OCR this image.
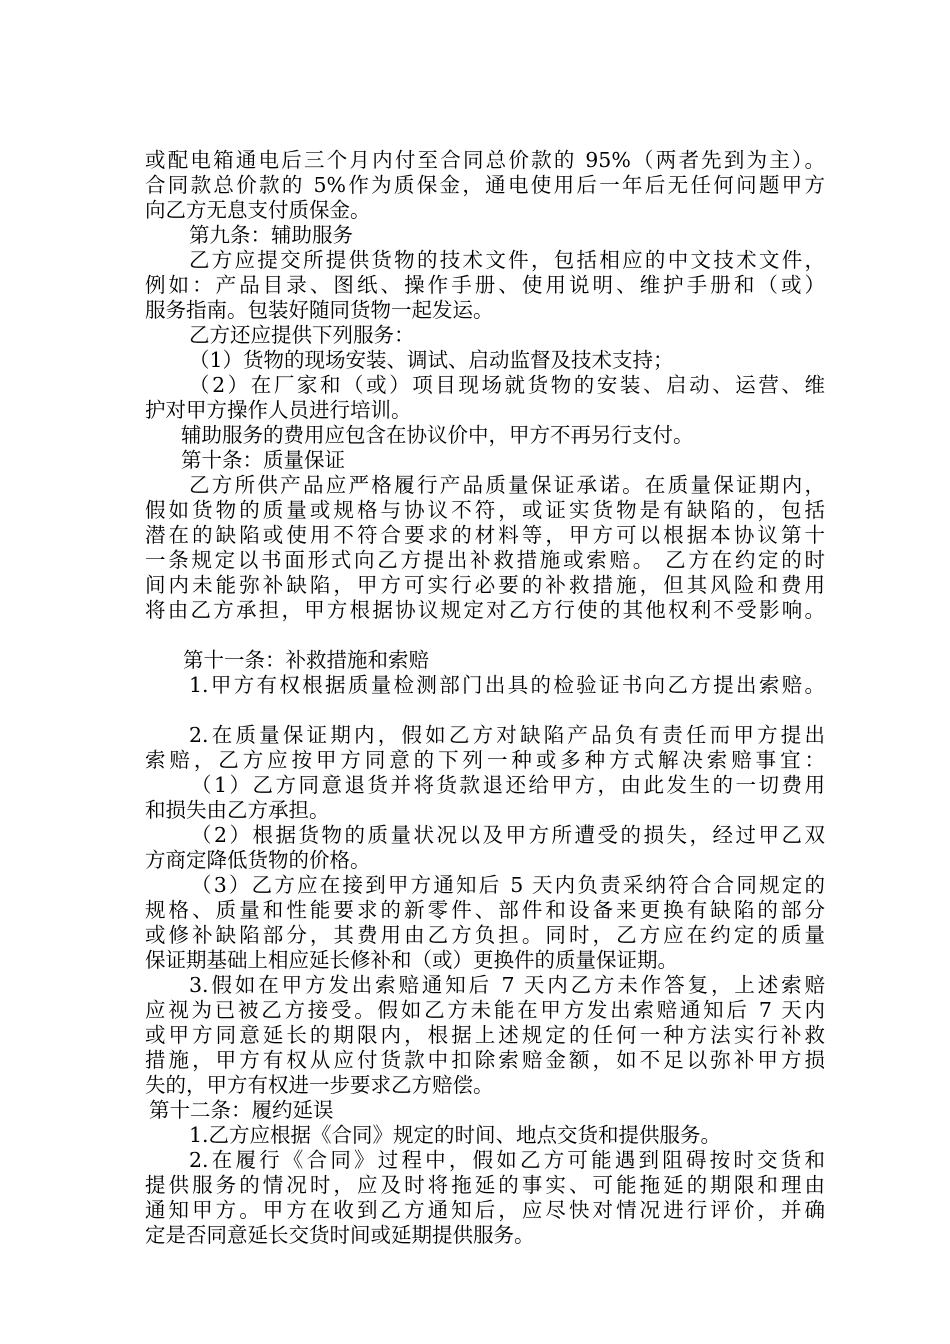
或配电箱通电后三个月内付至合同总价款的 95%（两者先到为主）。
合同款总价款的 5%作为质保金，通电使用后一年后无任何问题甲方
向乙方无息支付质保金。
第九条：辅助服务
乙方应提交所提供货物的技术文件，包括相应的中文技术文件，
例如：产品目录、图纸、操作手册、使用说明、维护手册和（或）
服务指南。包装好随同货物一起发运。
乙方还应提供下列服务：
（1）货物的现场安装、调试、启动监督及技术支持；
（2）在厂家和（或）项目现场就货物的安装、启动、运营、维
护对甲方操作人员进行培训。
辅助服务的费用应包含在协议价中，甲方不再另行支付。
第十条：质量保证
乙方所供产品应严格履行产品质量保证承诺。在质量保证期内，
假如货物的质量或规格与协议不符，或证实货物是有缺陷的，包括
潜在的缺陷或使用不符合要求的材料等，甲方可以根据本协议第十
一条规定以书面形式向乙方提出补救措施或索赔。 乙方在约定的时
间内未能弥补缺陷，甲方可实行必要的补救措施，但其风险和费用
将由乙方承担，甲方根据协议规定对乙方行使的其他权利不受影响。
第十一条：补救措施和索赔
1.甲方有权根据质量检测部门出具的检验证书向乙方提出索赔。
2.在质量保证期内，假如乙方对缺陷产品负有责任而甲方提出
索赔，乙方应按甲方同意的下列一种或多种方式解决索赔事宜：
（1）乙方同意退货并将货款退还给甲方，由此发生的一切费用
和损失由乙方承担。
（2）根据货物的质量状况以及甲方所遭受的损失，经过甲乙双
方商定降低货物的价格。
（3）乙方应在接到甲方通知后 5 天内负责采纳符合合同规定的
规格、质量和性能要求的新零件、部件和设备来更换有缺陷的部分
或修补缺陷部分，其费用由乙方负担。同时，乙方应在约定的质量
保证期基础上相应延长修补和（或）更换件的质量保证期。
3.假如在甲方发出索赔通知后 7 天内乙方未作答复，上述索赔
应视为已被乙方接受。假如乙方未能在甲方发出索赔通知后 7 天内
或甲方同意延长的期限内，根据上述规定的任何一种方法实行补救
措施，甲方有权从应付货款中扣除索赔金额，如不足以弥补甲方损
失的，甲方有权进一步要求乙方赔偿。
第十二条：履约延误
1.乙方应根据《合同》规定的时间、地点交货和提供服务。
2.在履行《合同》过程中，假如乙方可能遇到阻碍按时交货和
提供服务的情况时，应及时将拖延的事实、可能拖延的期限和理由
通知甲方。甲方在收到乙方通知后，应尽快对情况进行评价，并确
定是否同意延长交货时间或延期提供服务。
